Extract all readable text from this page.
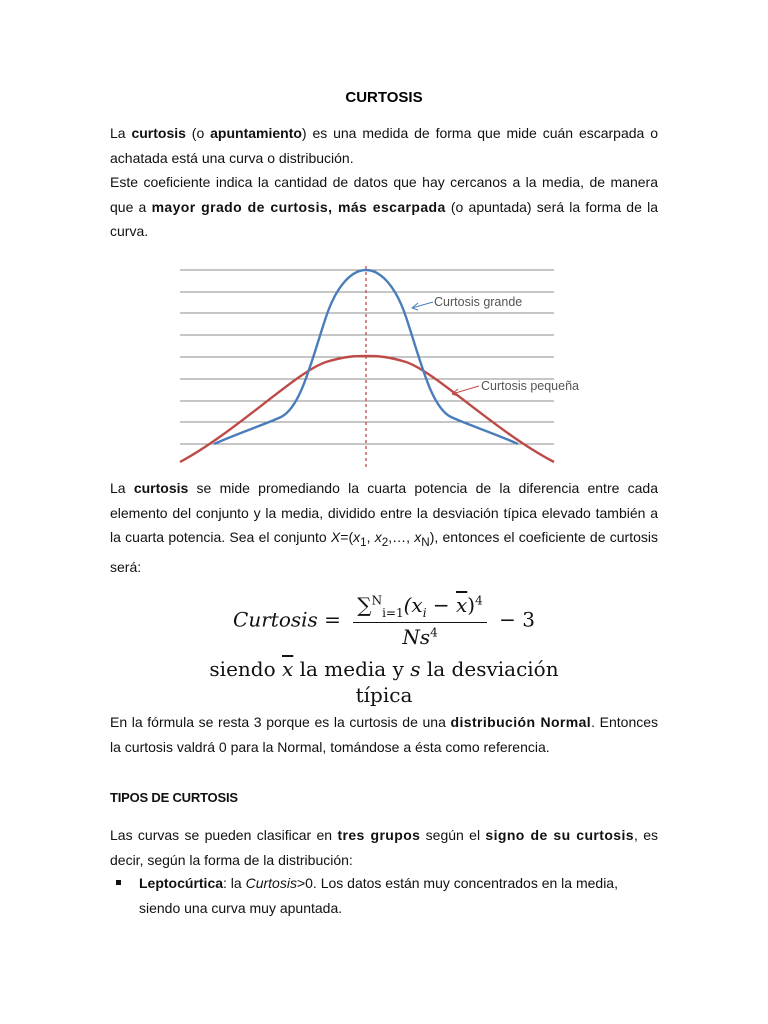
CURTOSIS

La curtosis (o apuntamiento) es una medida de forma que mide cuán escarpada o achatada está una curva o distribución.
Este coeficiente indica la cantidad de datos que hay cercanos a la media, de manera que a mayor grado de curtosis, más escarpada (o apuntada) será la forma de la curva.

Curtosis grande
Curtosis pequeña

La curtosis se mide promediando la cuarta potencia de la diferencia entre cada elemento del conjunto y la media, dividido entre la desviación típica elevado también a la cuarta potencia. Sea el conjunto $X=(x_1$, $x_2,\dots$, $x_N$), entonces el coeficiente de curtosis será:

Curtosis = $\frac{\sum^N_{i=1}(x_i - \overline{x})^4}{Ns^4} - 3$
siendo $\overline{x}$ la media y s la desviación
típica

En la fórmula se resta 3 porque es la curtosis de una distribución Normal. Entonces la curtosis valdrá 0 para la Normal, tomándose a ésta como referencia.

TIPOS DE CURTOSIS

Las curvas se pueden clasificar en tres grupos según el signo de su curtosis, es decir, según la forma de la distribución:

Leptocúrtica: la Curtosis>0. Los datos están muy concentrados en la media, siendo una curva muy apuntada.
